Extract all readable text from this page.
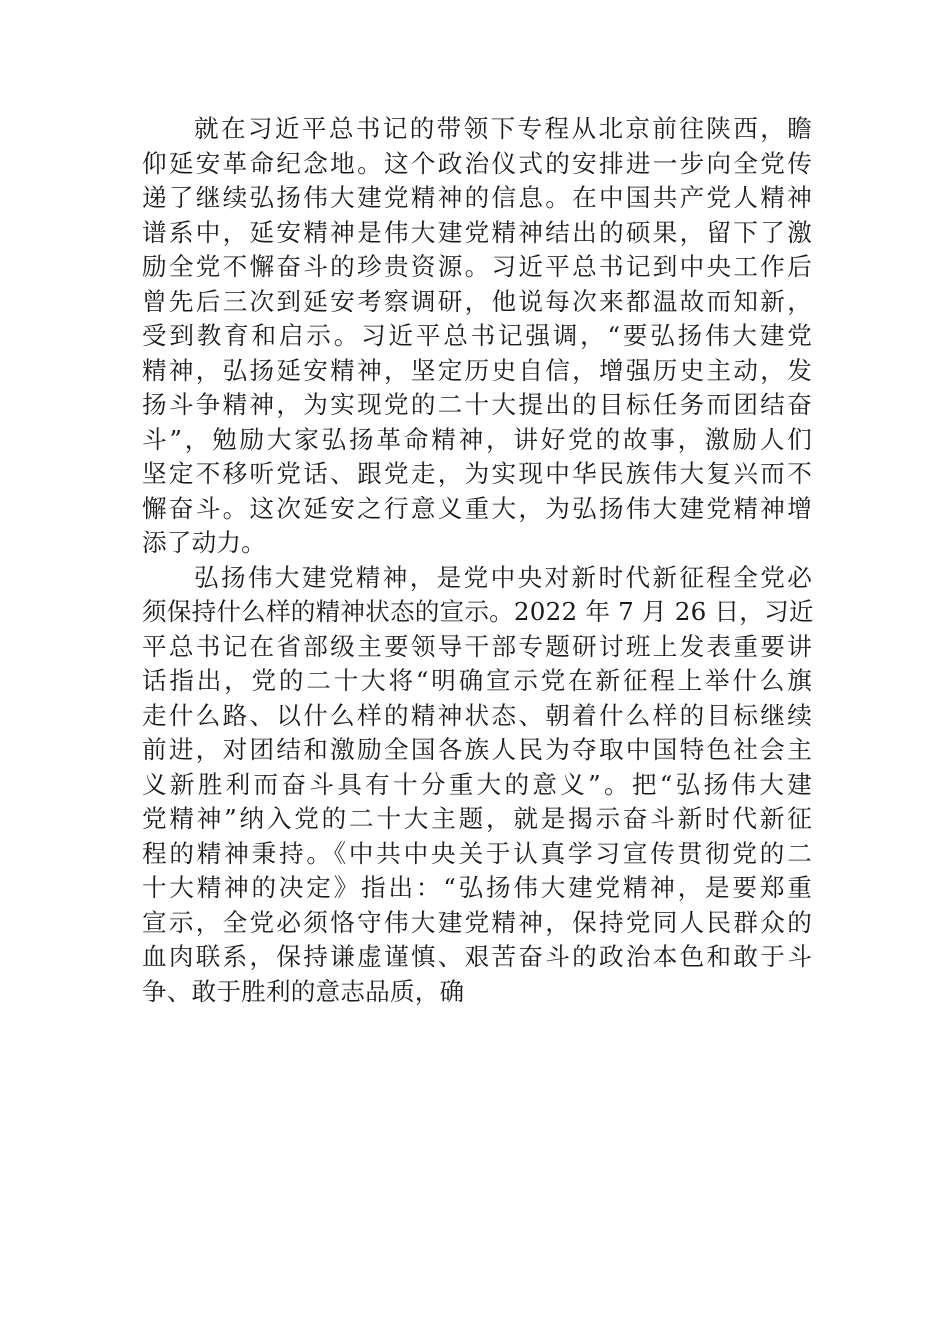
就在习近平总书记的带领下专程从北京前往陕西，瞻
仰延安革命纪念地。这个政治仪式的安排进一步向全党传
递了继续弘扬伟大建党精神的信息。在中国共产党人精神
谱系中，延安精神是伟大建党精神结出的硕果，留下了激
励全党不懈奋斗的珍贵资源。习近平总书记到中央工作后
曾先后三次到延安考察调研，他说每次来都温故而知新，
受到教育和启示。习近平总书记强调，“要弘扬伟大建党
精神，弘扬延安精神，坚定历史自信，增强历史主动，发
扬斗争精神，为实现党的二十大提出的目标任务而团结奋
斗”，勉励大家弘扬革命精神，讲好党的故事，激励人们
坚定不移听党话、跟党走，为实现中华民族伟大复兴而不
懈奋斗。这次延安之行意义重大，为弘扬伟大建党精神增
添了动力。
弘扬伟大建党精神，是党中央对新时代新征程全党必
须保持什么样的精神状态的宣示。2022 年 7 月 26 日，习近
平总书记在省部级主要领导干部专题研讨班上发表重要讲
话指出，党的二十大将“明确宣示党在新征程上举什么旗
走什么路、以什么样的精神状态、朝着什么样的目标继续
前进，对团结和激励全国各族人民为夺取中国特色社会主
义新胜利而奋斗具有十分重大的意义”。把“弘扬伟大建
党精神”纳入党的二十大主题，就是揭示奋斗新时代新征
程的精神秉持。《中共中央关于认真学习宣传贯彻党的二
十大精神的决定》指出：“弘扬伟大建党精神，是要郑重
宣示，全党必须恪守伟大建党精神，保持党同人民群众的
血肉联系，保持谦虚谨慎、艰苦奋斗的政治本色和敢于斗
争、敢于胜利的意志品质，确
